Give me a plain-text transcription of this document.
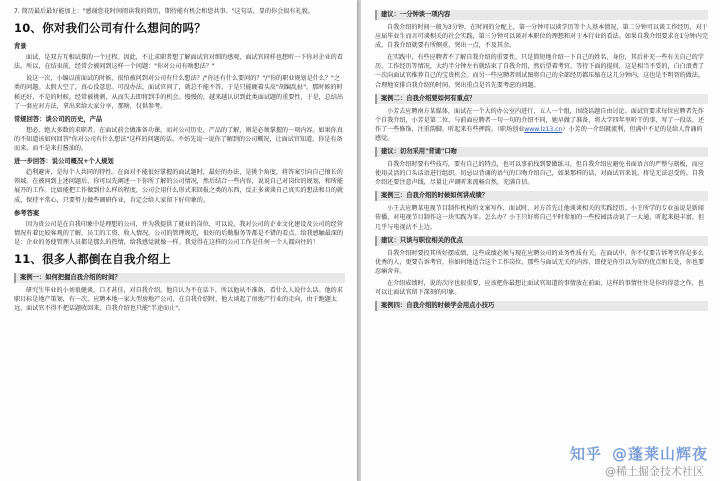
7. 简历最后最好能加上："感谢您花时间阅读我的简历，期待能有机会和您共事。"这句话，显的你会很有礼貌。

10、你对我们公司有什么想问的吗？
背景

面试，是双方互相试探的一个过程。因此，不让求职者想了解面试官对细的感观，面试官同样也想听一下你对企业的看法。所以，在结束前，经常会被问到这样一个问题："你对公司有啥想法？"

说这一次，小编以前面试的时候，很怕被问到对公司有什么想法？/"你还有什么要问的？"/"你的职业规划是什么？"之类的问题。太假大空了，真心没意思。可没办法，面试官问了，就总不能不答，于是只能硬着头皮"胡编乱扯"。那时候的时候还好，不是的时候，经常被挑刺，从而失去即将到手的机会。慢慢的，越来越认识到此类面试题的重要性，于是，总结出了一套应对方法，拿出来给大家分享，那啥，仅供参考。

常规回答：谈公司的历史，产品

想必，绝大多数的求职者，在面试前会做准备功课，而对公司历史、产品的了解，则是必须掌握的一项内容。如果你真的不知道该如何回答"你对公司有什么想法"这样的问题的话，不妨先说一说你了解到的公司概况，让面试官知道，你是有备而来，而不是来打酱油的。

进一步回答：说公司概况+个人规划

趋利避害，是每个人共同的特性。在面对不能很好掌握的面试题时，最好的办法，是挑个角度，将答案引向自己擅长的领域。在被问到上述问题后，你可以先阐述一下你所了解的公司情况，然后结合一些内容，说说自己对岗位的规划，和所能展开的工作。比如能把工作做到什么样的程度，公司会用什么形式来回报之类的东西，反正多谈谈自己真实的想法和目的就成，保持平常心，只要努力做些调研作业，肯定会给人家留下好印象的。

参考答案

因为贵公司是在自我印象中是理想的公司，并为我提供了就业的岗位，可以说，我对公司的企业文化建设及公司的经营情况有着比较客观的了解，员工的工资、收入情况，公司的管理规范，很好的后勤服务等都是不错的看点。给我感触最深的是：企业的务使管理人员都是那么的热情，给我感觉就像一样。我觉得在这样的公司工作是任何一个人都向往的！

11、很多人都倒在自我介绍上
案例一：如何把握自我介绍的时间？

研究生毕业的小刘很健谈，口才甚佳，对自我介绍，他自认为不在话下，所以他从不准备，看什么人说什么话。他的求职目标是地产策划，有一次，应聘本地一家大型房地产公司，在自我介绍时，他大谈起了房地产行业的走向，由于跑题太远，面试官不得不把话题收回来，自我介绍也只能"半途而止"。

建议：一分钟谈一项内容

自我介绍的时间一般为3分钟，在时间的分配上，第一分钟可以谈学历等个人基本情况，第二分钟可以谈工作经历，对于应届毕业生而言可谈相关的社会实践，第三分钟可以谈对本职位的理想和对于本行业的看法。如果自我介绍要求在1分钟内完成，自我介绍就要有所侧重，突出一点，不及其余。

在实践中，有些应聘者不了解自我介绍的重要性，只是简短地介绍一下自己的姓名、身份，其后补充一些有关自己的学历、工作经历等情况，大约半分钟左右就结束了自我介绍，然后望着考官，等待下面的提问，这是相当不妥的，白白浪费了一次向面试官推荐自己的宝贵机会。而另一些应聘者则试图将自己的全部经历都压缩在这几分钟内，这也是不明智的做法。合理地安排自我介绍的时间，突出重点是首先要考虑的问题。

案例二：自我介绍要如何有重点？

小芳去应聘南方某媒体，面试在一个大的办公室内进行，五人一个组，围绕话题自由讨论。面试官要求每位应聘者先作个自我介绍，小芳是第二位，与前面应聘者一句一句的介绍不同，她早做了准备，将大学四年里听干的事，写了一段话，还作了一些修饰，注重韵脚，听起来有些押韵。（职场创业www.lz13.cn）小芳的一介绍就流利，但满中不足的是给人背诵的感觉。

建议：切勿采用"背诵"口吻

自我介绍时要有些技巧，要有自己的特点，也可以事前找到要做练习，但自我介绍应避免书面语言的严整与刻板，而应使用灵活的口头话语进行组织。切忌以背诵的语气的口吻介绍自己，如果那样的话，对面试官来说，将是无法忍受的。自我介绍还要注意声线，尽量让声调听来流畅自然，充满自信。

案例三：自我介绍的时候如何讲成绩？

小王去应聘某电视节目制作机构的文案写作，面试时，对方首先让他谈谈相关的实践经历。小王所学的专业虽说是新闻传播，对电视节目制作这一块实践为零。怎么办？小王只好将自己平时参加的一些校园活动说了一大通，听起来挺丰富，但几乎与电视沾不上边。

建议：只谈与职位相关的优点

自我介绍时要投其所好摆成绩，这些成绩必须与现在应聘公司的业务性质有关。在面试中，你不仅要告诉考官你是多么优秀的人，更要告诉考官，你如何地适合这个工作岗位，那些与面试无关的内容，即使是你引以为荣的优点和长处，你也要忍痛舍弃。

在介绍成绩时，说的次序也很重要，应该把你最想让面试官知道的事情放在前面，这样的事情往往是你的得意之作，也可以让面试官留下深刻的印象。

案例四：自我介绍的时候学会用点小技巧
知乎 @蓬莱山辉夜
@稀土掘金技术社区
